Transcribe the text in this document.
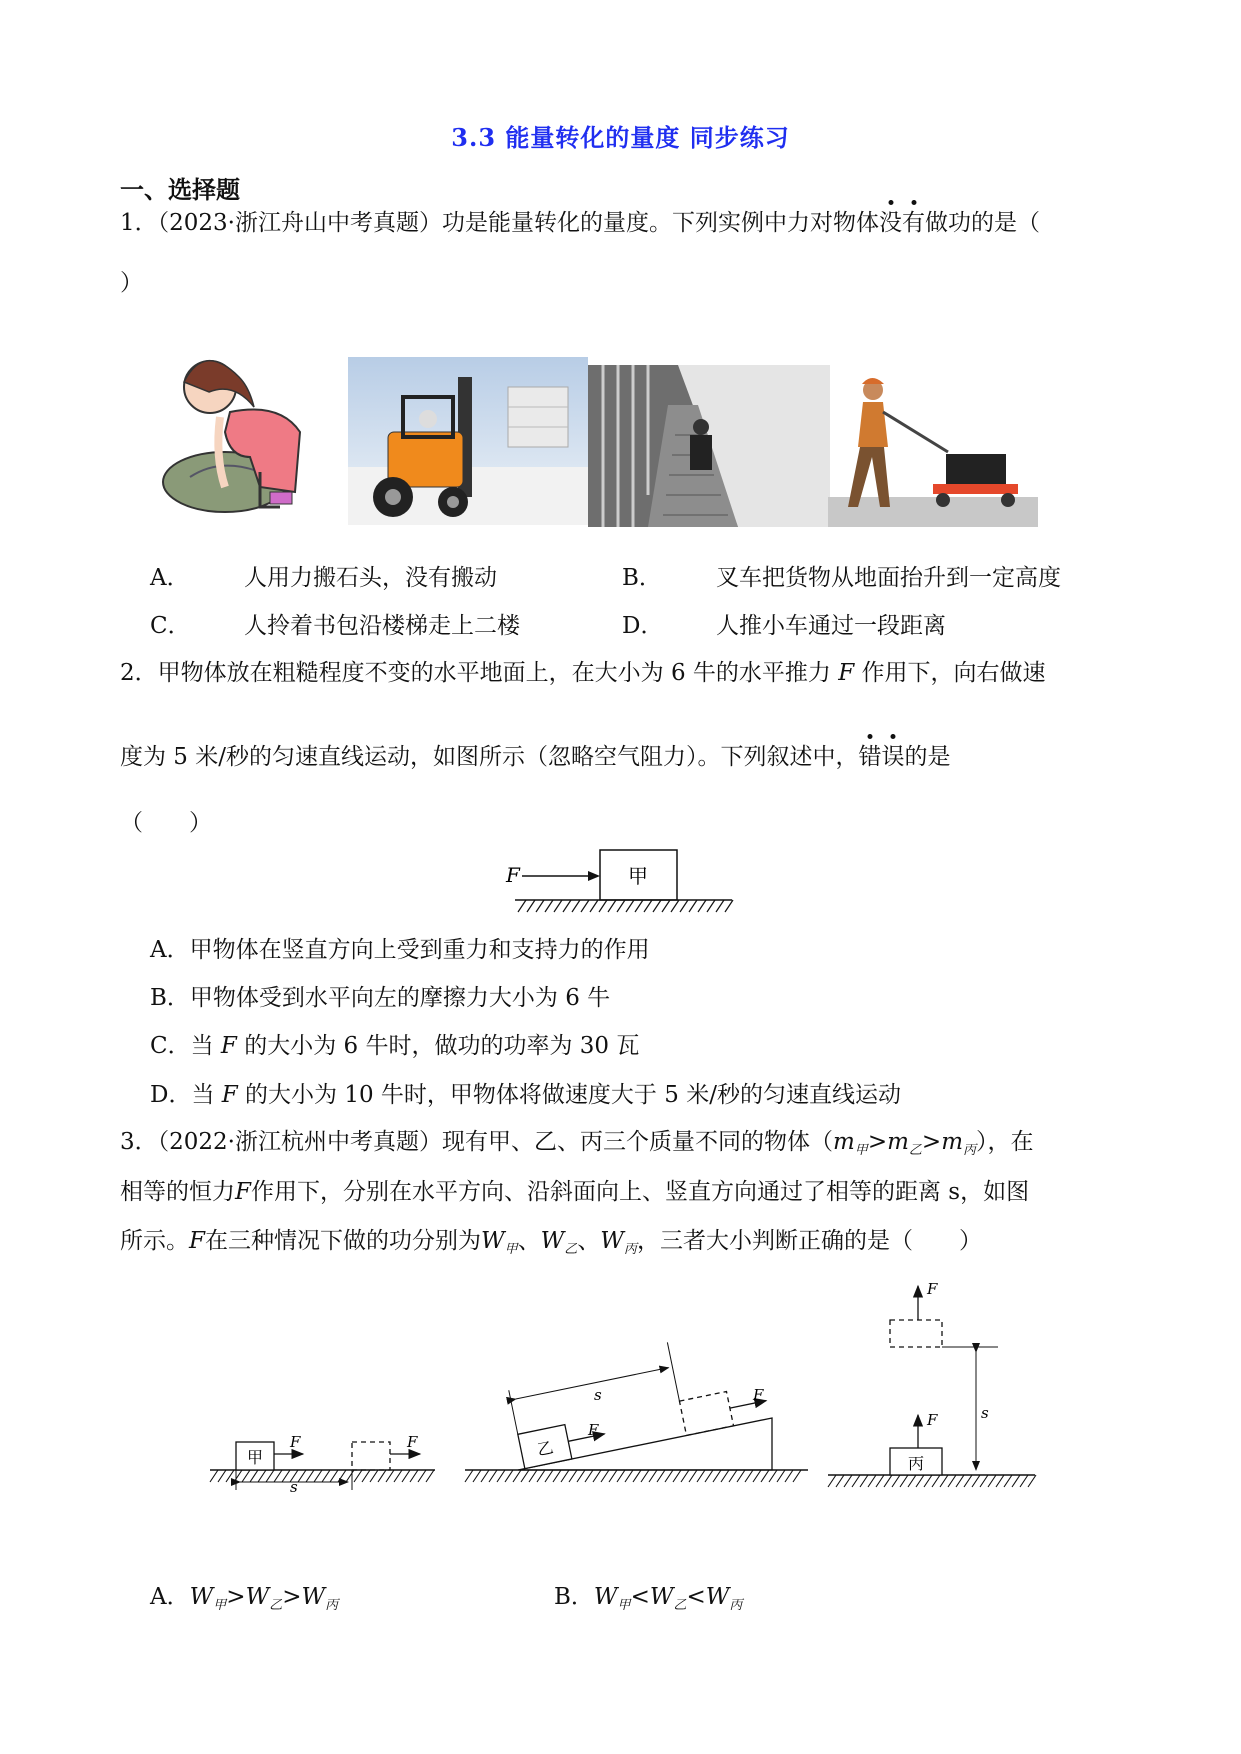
3.3 能量转化的量度 同步练习
一、选择题
1．（2023·浙江舟山中考真题）功是能量转化的量度。下列实例中力对物体没有做功的是（
）
A． 人用力搬石头，没有搬动	B． 叉车把货物从地面抬升到一定高度
C． 人拎着书包沿楼梯走上二楼	D． 人推小车通过一段距离
2．甲物体放在粗糙程度不变的水平地面上，在大小为 6 牛的水平推力 F 作用下，向右做速
度为 5 米/秒的匀速直线运动，如图所示（忽略空气阻力）。下列叙述中，错误的是
（　　）
F	甲
A．甲物体在竖直方向上受到重力和支持力的作用
B．甲物体受到水平向左的摩擦力大小为 6 牛
C．当 F 的大小为 6 牛时，做功的功率为 30 瓦
D．当 F 的大小为 10 牛时，甲物体将做速度大于 5 米/秒的匀速直线运动
3．（2022·浙江杭州中考真题）现有甲、乙、丙三个质量不同的物体$(m_甲>m_乙>m_丙)$，在
相等的恒力F作用下，分别在水平方向、沿斜面向上、竖直方向通过了相等的距离 s，如图
所示。F在三种情况下做的功分别为$W_甲$、$W_乙$、$W_丙$，三者大小判断正确的是（　　）
甲
F	F
s
乙
F
F
s
丙
F
F
s
A．$W_甲>W_乙>W_丙$	B．$W_甲<W_乙<W_丙$
